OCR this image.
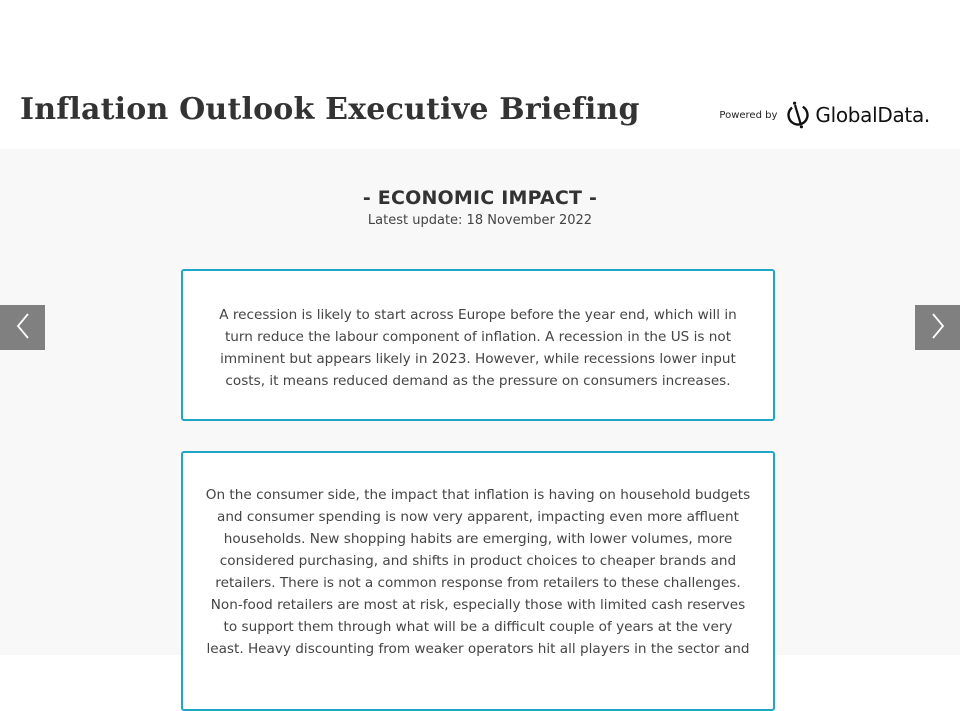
Inflation Outlook Executive Briefing	Powered by GlobalData.
- ECONOMIC IMPACT -
Latest update: 18 November 2022

A recession is likely to start across Europe before the year end, which will in turn reduce the labour component of inflation. A recession in the US is not imminent but appears likely in 2023. However, while recessions lower input costs, it means reduced demand as the pressure on consumers increases.

On the consumer side, the impact that inflation is having on household budgets and consumer spending is now very apparent, impacting even more affluent households. New shopping habits are emerging, with lower volumes, more considered purchasing, and shifts in product choices to cheaper brands and retailers. There is not a common response from retailers to these challenges. Non-food retailers are most at risk, especially those with limited cash reserves to support them through what will be a difficult couple of years at the very least. Heavy discounting from weaker operators hit all players in the sector and
